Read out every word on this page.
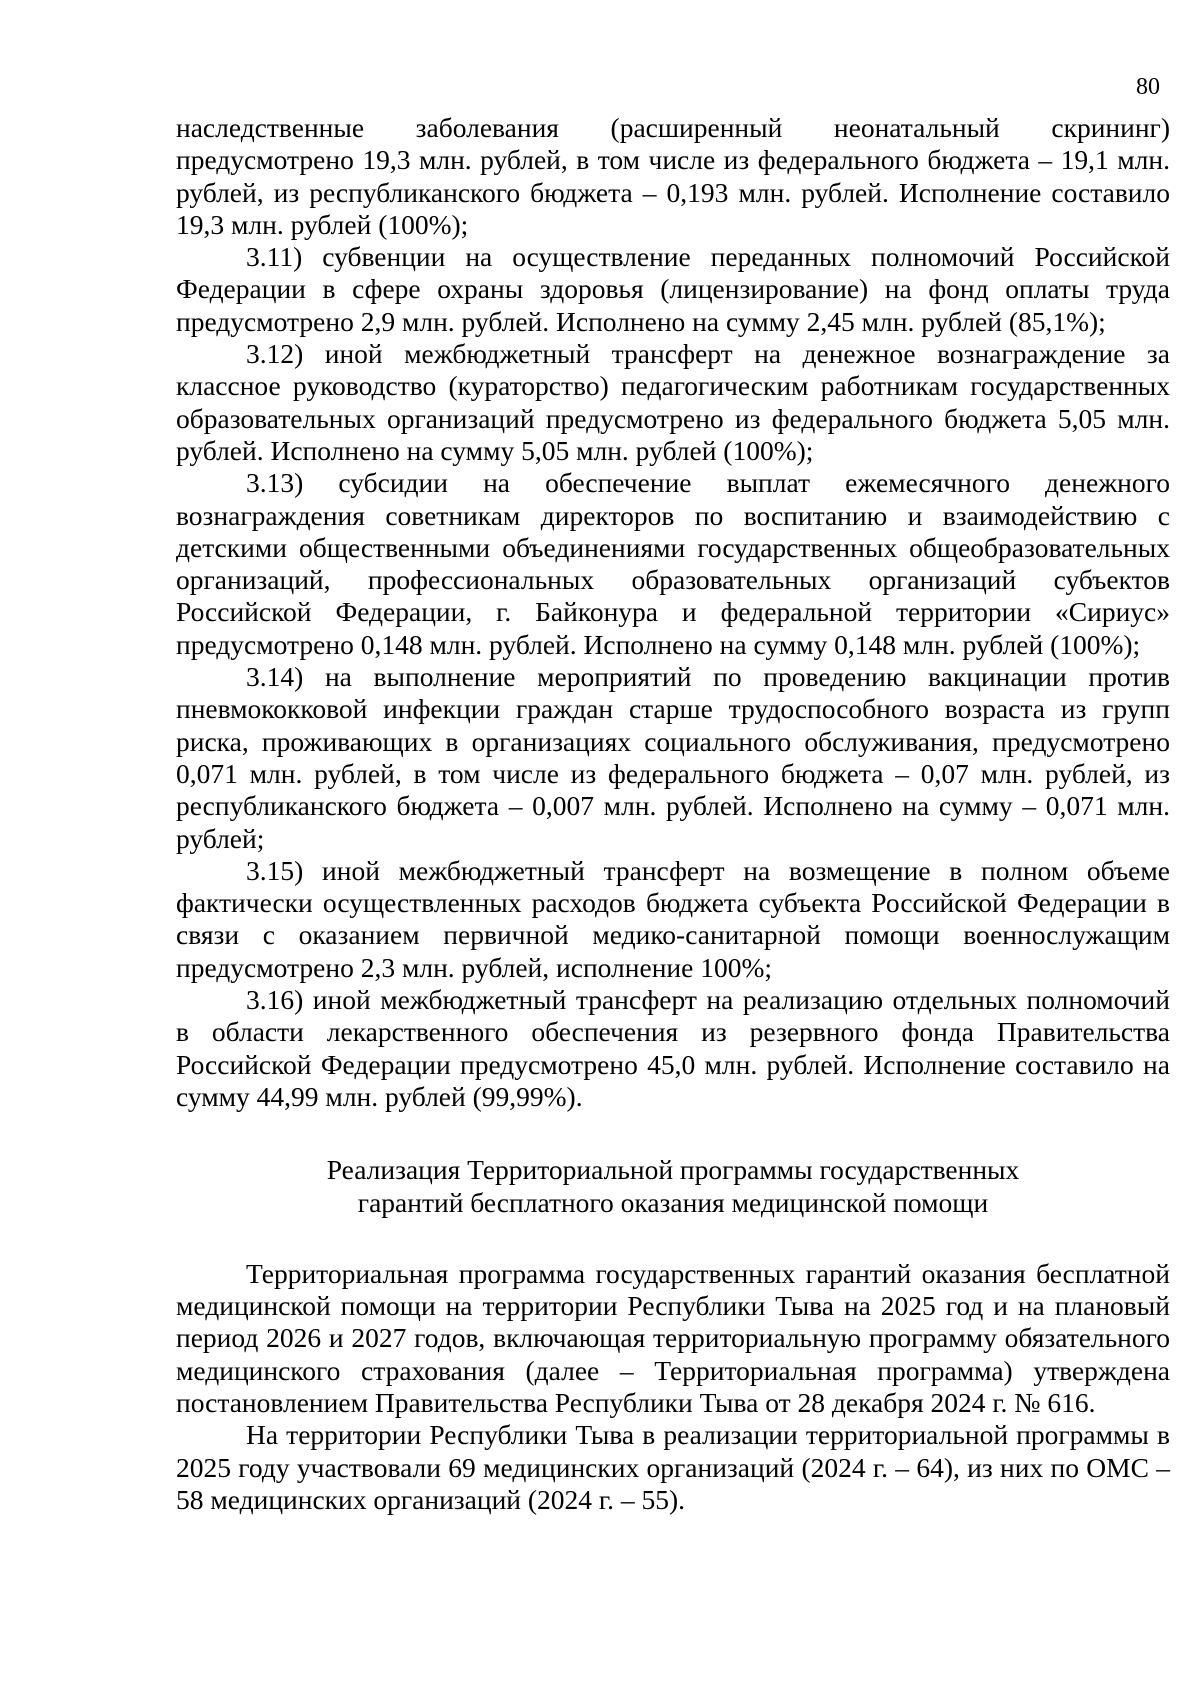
80

наследственные заболевания (расширенный неонатальный скрининг) предусмотрено 19,3 млн. рублей, в том числе из федерального бюджета – 19,1 млн. рублей, из республиканского бюджета – 0,193 млн. рублей. Исполнение составило 19,3 млн. рублей (100%);

3.11) субвенции на осуществление переданных полномочий Российской Федерации в сфере охраны здоровья (лицензирование) на фонд оплаты труда предусмотрено 2,9 млн. рублей. Исполнено на сумму 2,45 млн. рублей (85,1%);

3.12) иной межбюджетный трансферт на денежное вознаграждение за классное руководство (кураторство) педагогическим работникам государственных образовательных организаций предусмотрено из федерального бюджета 5,05 млн. рублей. Исполнено на сумму 5,05 млн. рублей (100%);

3.13) субсидии на обеспечение выплат ежемесячного денежного вознаграждения советникам директоров по воспитанию и взаимодействию с детскими общественными объединениями государственных общеобразовательных организаций, профессиональных образовательных организаций субъектов Российской Федерации, г. Байконура и федеральной территории «Сириус» предусмотрено 0,148 млн. рублей. Исполнено на сумму 0,148 млн. рублей (100%);

3.14) на выполнение мероприятий по проведению вакцинации против пневмококковой инфекции граждан старше трудоспособного возраста из групп риска, проживающих в организациях социального обслуживания, предусмотрено 0,071 млн. рублей, в том числе из федерального бюджета – 0,07 млн. рублей, из республиканского бюджета – 0,007 млн. рублей. Исполнено на сумму – 0,071 млн. рублей;

3.15) иной межбюджетный трансферт на возмещение в полном объеме фактически осуществленных расходов бюджета субъекта Российской Федерации в связи с оказанием первичной медико-санитарной помощи военнослужащим предусмотрено 2,3 млн. рублей, исполнение 100%;

3.16) иной межбюджетный трансферт на реализацию отдельных полномочий в области лекарственного обеспечения из резервного фонда Правительства Российской Федерации предусмотрено 45,0 млн. рублей. Исполнение составило на сумму 44,99 млн. рублей (99,99%).

Реализация Территориальной программы государственных
гарантий бесплатного оказания медицинской помощи

Территориальная программа государственных гарантий оказания бесплатной медицинской помощи на территории Республики Тыва на 2025 год и на плановый период 2026 и 2027 годов, включающая территориальную программу обязательного медицинского страхования (далее – Территориальная программа) утверждена постановлением Правительства Республики Тыва от 28 декабря 2024 г. № 616.

На территории Республики Тыва в реализации территориальной программы в 2025 году участвовали 69 медицинских организаций (2024 г. – 64), из них по ОМС – 58 медицинских организаций (2024 г. – 55).
